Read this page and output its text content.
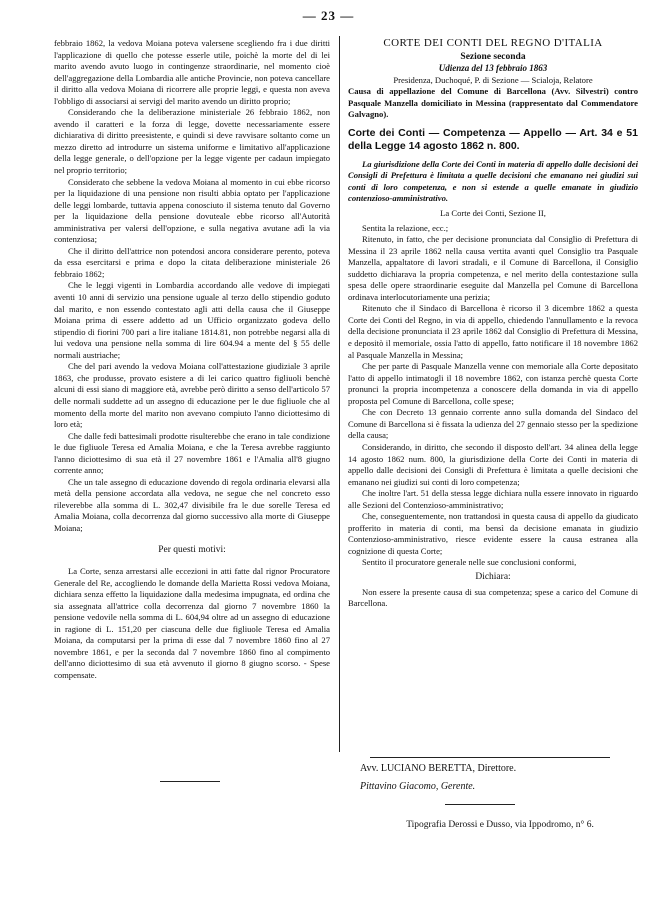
— 23 —

febbraio 1862, la vedova Moiana poteva valersene scegliendo fra i due diritti l'applicazione di quello che potesse esserle utile, poichè la morte del di lei marito avendo avuto luogo in contingenze straordinarie, nel momento cioè dell'aggregazione della Lombardia alle antiche Provincie, non poteva cancellare il diritto alla vedova Moiana di ricorrere alle proprie leggi, e questa non aveva l'obbligo di associarsi ai servigi del marito avendo un diritto proprio;

Considerando che la deliberazione ministeriale 26 febbraio 1862, non avendo il caratteri e la forza di legge, dovette necessariamente essere dichiarativa di diritto preesistente, e quindi si deve ravvisare soltanto come un mezzo diretto ad introdurre un sistema uniforme e limitativo all'applicazione della legge generale, o dell'opzione per la legge vigente per cadaun impiegato nel proprio territorio;

Considerato che sebbene la vedova Moiana al momento in cui ebbe ricorso per la liquidazione di una pensione non risulti abbia optato per l'applicazione delle leggi lombarde, tuttavia appena conosciuto il sistema tenuto dal Governo per la liquidazione della pensione dovuteale ebbe ricorso all'Autorità amministrativa per valersi dell'opzione, e sulla negativa avutane adì la via contenziosa;

Che il diritto dell'attrice non potendosi ancora considerare perento, poteva da essa esercitarsi e prima e dopo la citata deliberazione ministeriale 26 febbraio 1862;

Che le leggi vigenti in Lombardia accordando alle vedove di impiegati aventi 10 anni di servizio una pensione uguale al terzo dello stipendio goduto dal marito, e non essendo contestato agli atti della causa che il Giuseppe Moiana prima di essere addetto ad un Ufficio organizzato godeva dello stipendio di fiorini 700 pari a lire italiane 1814.81, non potrebbe negarsi alla di lui vedova una pensione nella somma di lire 604.94 a mente del § 55 delle normali austriache;

Che del pari avendo la vedova Moiana coll'attestazione giudiziale 3 aprile 1863, che produsse, provato esistere a di lei carico quattro figliuoli benchè alcuni di essi siano di maggiore età, avrebbe però diritto a senso dell'articolo 57 delle normali suddette ad un assegno di educazione per le due figliuole che al momento della morte del marito non avevano compiuto l'anno diciottesimo di loro età;

Che dalle fedi battesimali prodotte risulterebbe che erano in tale condizione le due figliuole Teresa ed Amalia Moiana, e che la Teresa avrebbe raggiunto l'anno diciottesimo di sua età il 27 novembre 1861 e l'Amalia all'8 giugno corrente anno;

Che un tale assegno di educazione dovendo di regola ordinaria elevarsi alla metà della pensione accordata alla vedova, ne segue che nel concreto esso rileverebbe alla somma di L. 302,47 divisibile fra le due sorelle Teresa ed Amalia Moiana, colla decorrenza dal giorno successivo alla morte di Giuseppe Moiana;

Per questi motivi:

La Corte, senza arrestarsi alle eccezioni in atti fatte dal rignor Procuratore Generale del Re, accogliendo le domande della Marietta Rossi vedova Moiana, dichiara senza effetto la liquidazione dalla medesima impugnata, ed ordina che sia assegnata all'attrice colla decorrenza dal giorno 7 novembre 1860 la pensione vedovile nella somma di L. 604,94 oltre ad un assegno di educazione in ragione di L. 151,20 per ciascuna delle due figliuole Teresa ed Amalia Moiana, da computarsi per la prima di esse dal 7 novembre 1860 fino al 27 novembre 1861, e per la seconda dal 7 novembre 1860 fino al compimento dell'anno diciottesimo di sua età avvenuto il giorno 8 giugno scorso. - Spese compensate.

CORTE DEI CONTI DEL REGNO D'ITALIA

Sezione seconda

Udienza del 13 febbraio 1863

Presidenza, Duchoqué, P. di Sezione — Scialoja, Relatore

Causa di appellazione del Comune di Barcellona (Avv. Silvestri) contro Pasquale Manzella domiciliato in Messina (rappresentato dal Commendatore Galvagno).

Corte dei Conti — Competenza — Appello — Art. 34 e 51 della Legge 14 agosto 1862 n. 800.

La giurisdizione della Corte dei Conti in materia di appello dalle decisioni dei Consigli di Prefettura è limitata a quelle decisioni che emanano nei giudizi sui conti di loro competenza, e non si estende a quelle emanate in giudizio contenzioso-amministrativo.

La Corte dei Conti, Sezione II,

Sentita la relazione, ecc.;

Ritenuto, in fatto, che per decisione pronunciata dal Consiglio di Prefettura di Messina il 23 aprile 1862 nella causa vertita avanti quel Consiglio tra Pasquale Manzella, appaltatore di lavori stradali, e il Comune di Barcellona, il Consiglio suddetto dichiarava la propria competenza, e nel merito della contestazione sulla spesa delle opere straordinarie eseguite dal Manzella pel Comune di Barcellona ordinava interlocutoriamente una perizia;

Ritenuto che il Sindaco di Barcellona è ricorso il 3 dicembre 1862 a questa Corte dei Conti del Regno, in via di appello, chiedendo l'annullamento e la revoca della decisione pronunciata il 23 aprile 1862 dal Consiglio di Prefettura di Messina, e depositò il memoriale, ossia l'atto di appello, fatto notificare il 18 novembre 1862 al Pasquale Manzella in Messina;

Che per parte di Pasquale Manzella venne con memoriale alla Corte depositato l'atto di appello intimatogli il 18 novembre 1862, con istanza perchè questa Corte pronunci la propria incompetenza a conoscere della domanda in via di appello proposta pel Comune di Barcellona, colle spese;

Che con Decreto 13 gennaio corrente anno sulla domanda del Sindaco del Comune di Barcellona si è fissata la udienza del 27 gennaio stesso per la spedizione della causa;

Considerando, in diritto, che secondo il disposto dell'art. 34 alinea della legge 14 agosto 1862 num. 800, la giurisdizione della Corte dei Conti in materia di appello dalle decisioni dei Consigli di Prefettura è limitata a quelle decisioni che emanano nei giudizi sui conti di loro competenza;

Che inoltre l'art. 51 della stessa legge dichiara nulla essere innovato in riguardo alle Sezioni del Contenzioso-amministrativo;

Che, conseguentemente, non trattandosi in questa causa di appello da giudicato profferito in materia di conti, ma bensì da decisione emanata in giudizio Contenzioso-amministrativo, riesce evidente essere la causa estranea alla cognizione di questa Corte;

Sentito il procuratore generale nelle sue conclusioni conformi,

Dichiara:

Non essere la presente causa di sua competenza; spese a carico del Comune di Barcellona.

Avv. LUCIANO BERETTA, Direttore.
Pittavino Giacomo, Gerente.
Tipografia Derossi e Dusso, via Ippodromo, n° 6.
